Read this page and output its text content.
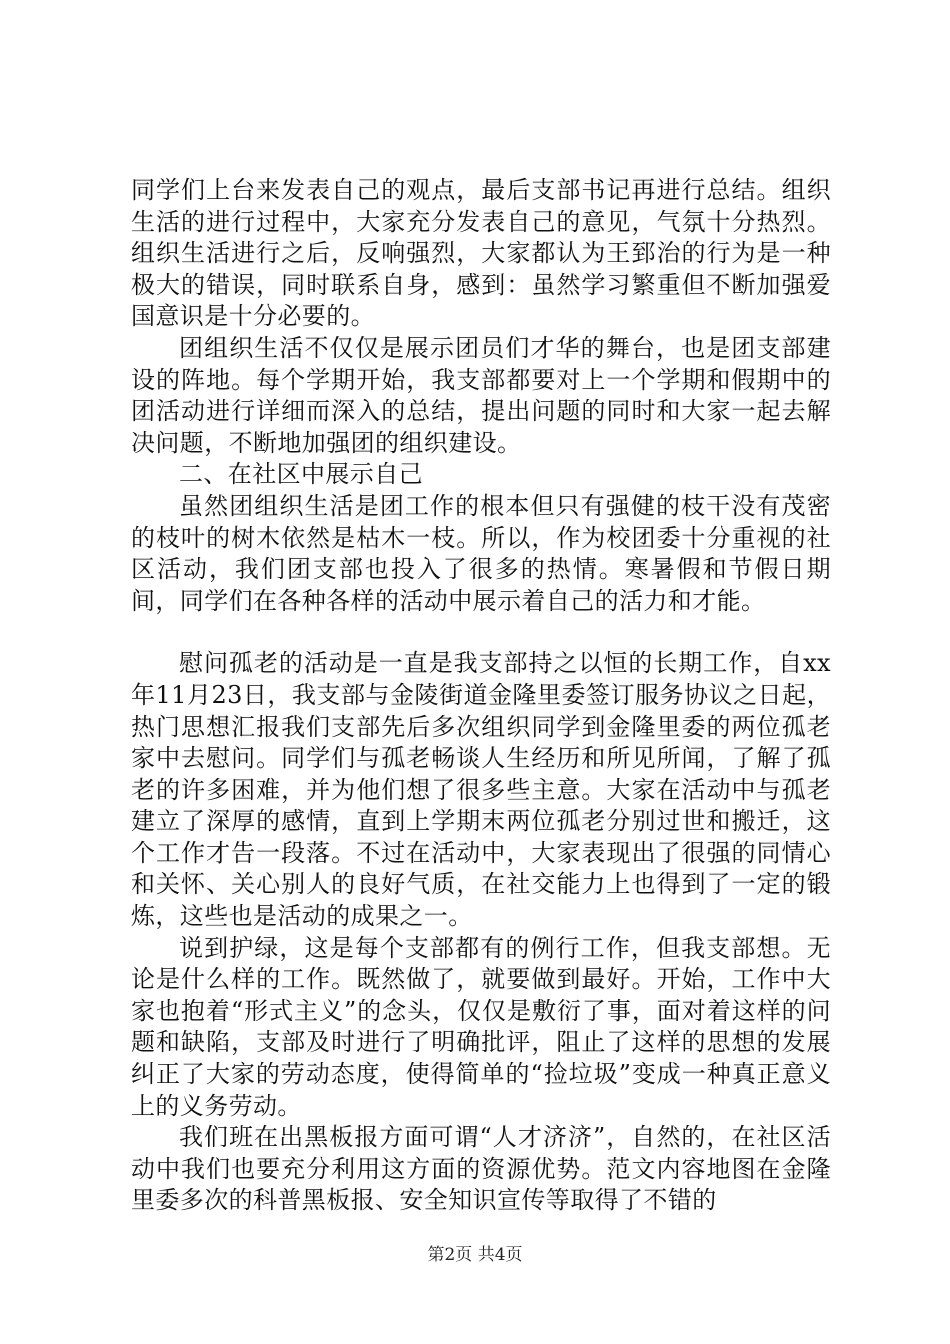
同学们上台来发表自己的观点，最后支部书记再进行总结。组织生活的进行过程中，大家充分发表自己的意见，气氛十分热烈。组织生活进行之后，反响强烈，大家都认为王郅治的行为是一种极大的错误，同时联系自身，感到：虽然学习繁重但不断加强爱国意识是十分必要的。

团组织生活不仅仅是展示团员们才华的舞台，也是团支部建设的阵地。每个学期开始，我支部都要对上一个学期和假期中的团活动进行详细而深入的总结，提出问题的同时和大家一起去解决问题，不断地加强团的组织建设。

二、在社区中展示自己

虽然团组织生活是团工作的根本但只有强健的枝干没有茂密的枝叶的树木依然是枯木一枝。所以，作为校团委十分重视的社区活动，我们团支部也投入了很多的热情。寒暑假和节假日期间，同学们在各种各样的活动中展示着自己的活力和才能。

慰问孤老的活动是一直是我支部持之以恒的长期工作，自xx年11月23日，我支部与金陵街道金隆里委签订服务协议之日起，热门思想汇报我们支部先后多次组织同学到金隆里委的两位孤老家中去慰问。同学们与孤老畅谈人生经历和所见所闻，了解了孤老的许多困难，并为他们想了很多些主意。大家在活动中与孤老建立了深厚的感情，直到上学期末两位孤老分别过世和搬迁，这个工作才告一段落。不过在活动中，大家表现出了很强的同情心和关怀、关心别人的良好气质，在社交能力上也得到了一定的锻炼，这些也是活动的成果之一。

说到护绿，这是每个支部都有的例行工作，但我支部想。无论是什么样的工作。既然做了，就要做到最好。开始，工作中大家也抱着“形式主义”的念头，仅仅是敷衍了事，面对着这样的问题和缺陷，支部及时进行了明确批评，阻止了这样的思想的发展纠正了大家的劳动态度，使得简单的“捡垃圾”变成一种真正意义上的义务劳动。

我们班在出黑板报方面可谓“人才济济”，自然的，在社区活动中我们也要充分利用这方面的资源优势。范文内容地图在金隆里委多次的科普黑板报、安全知识宣传等取得了不错的

第2页 共4页
